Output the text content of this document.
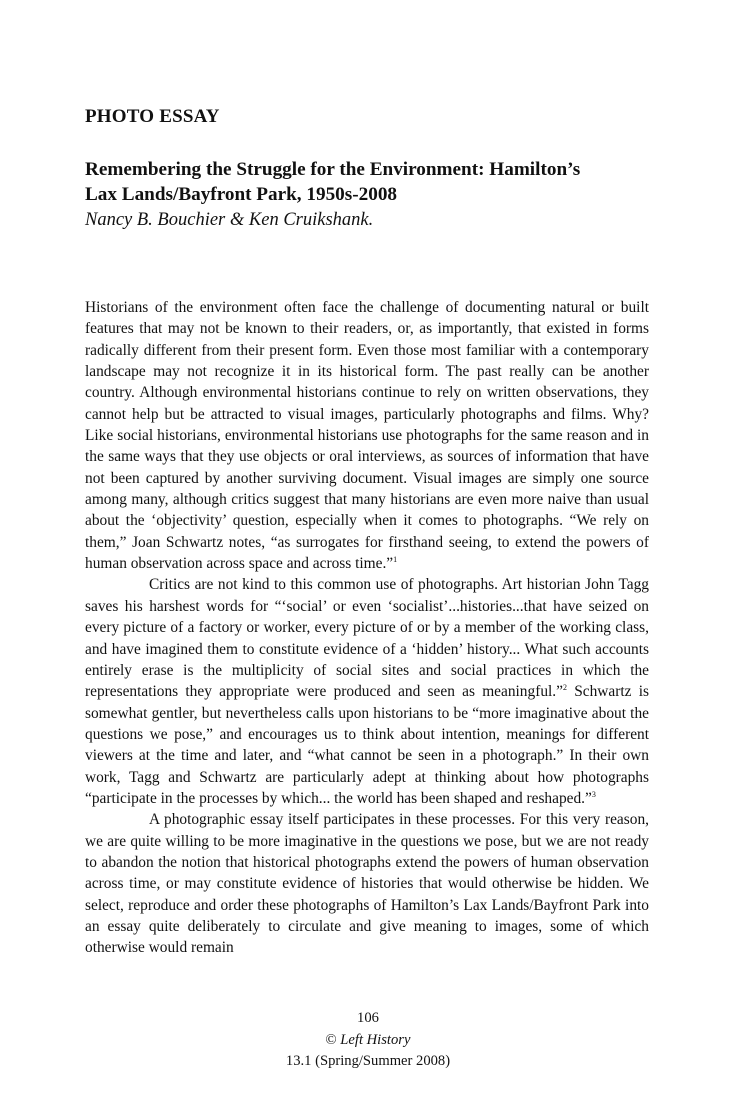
PHOTO ESSAY
Remembering the Struggle for the Environment: Hamilton’s
Lax Lands/Bayfront Park, 1950s-2008

Nancy B. Bouchier & Ken Cruikshank.

Historians of the environment often face the challenge of documenting natural or built features that may not be known to their readers, or, as importantly, that existed in forms radically different from their present form. Even those most familiar with a contemporary landscape may not recognize it in its historical form. The past really can be another country. Although environmental historians continue to rely on written observations, they cannot help but be attracted to visual images, particularly photographs and films. Why? Like social historians, environmental historians use photographs for the same reason and in the same ways that they use objects or oral interviews, as sources of information that have not been captured by another surviving document. Visual images are simply one source among many, although critics suggest that many historians are even more naive than usual about the ‘objectivity’ question, especially when it comes to photographs. “We rely on them,” Joan Schwartz notes, “as surrogates for firsthand seeing, to extend the powers of human observation across space and across time.”$^1$

Critics are not kind to this common use of photographs. Art historian John Tagg saves his harshest words for “‘social’ or even ‘socialist’...histories...that have seized on every picture of a factory or worker, every picture of or by a member of the working class, and have imagined them to constitute evidence of a ‘hidden’ history... What such accounts entirely erase is the multiplicity of social sites and social practices in which the representations they appropriate were produced and seen as meaningful.”$^2$ Schwartz is somewhat gentler, but nevertheless calls upon historians to be “more imaginative about the questions we pose,” and encourages us to think about intention, meanings for different viewers at the time and later, and “what cannot be seen in a photograph.” In their own work, Tagg and Schwartz are particularly adept at thinking about how photographs “participate in the processes by which... the world has been shaped and reshaped.”$^3$

A photographic essay itself participates in these processes. For this very reason, we are quite willing to be more imaginative in the questions we pose, but we are not ready to abandon the notion that historical photographs extend the powers of human observation across time, or may constitute evidence of histories that would otherwise be hidden. We select, reproduce and order these photographs of Hamilton’s Lax Lands/Bayfront Park into an essay quite deliberately to circulate and give meaning to images, some of which otherwise would remain

106
© Left History
13.1 (Spring/Summer 2008)
